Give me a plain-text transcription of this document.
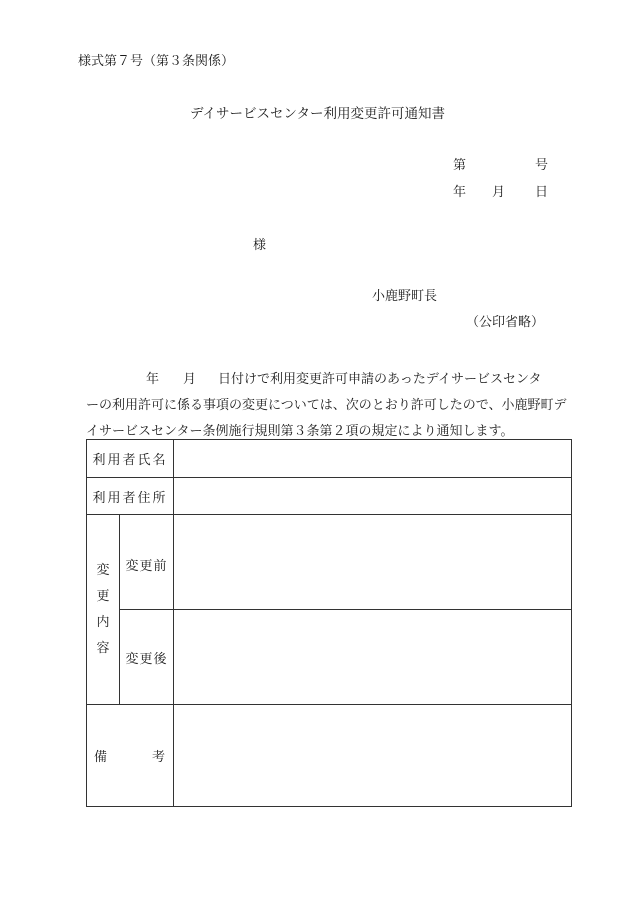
様式第７号（第３条関係）
デイサービスセンター利用変更許可通知書
第	号
年 月 日
様
小鹿野町長
（公印省略）
年 月 日付けで利用変更許可申請のあったデイサービスセンタ
ーの利用許可に係る事項の変更については、次のとおり許可したので、小鹿野町デ
イサービスセンター条例施行規則第３条第２項の規定により通知します。
利用者氏名		
利用者住所		

変
更
内
容	変更前	
	変更後	

備 考		
